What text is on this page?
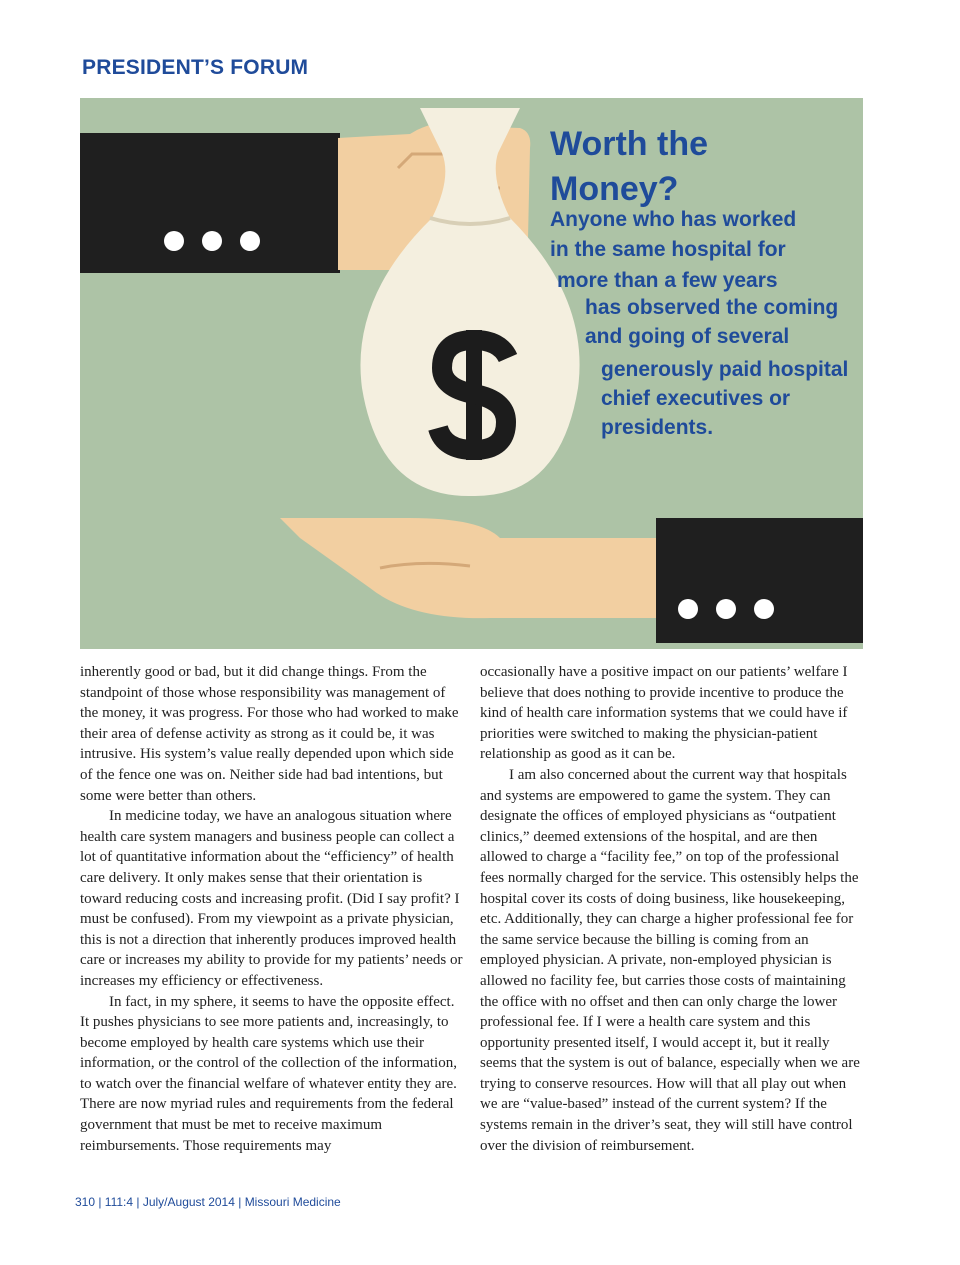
PRESIDENT’S FORUM
Worth the
Money?
Anyone who has worked
in the same hospital for
more than a few years
has observed the coming
and going of several
generously paid hospital
chief executives or
presidents.

inherently good or bad, but it did change things. From the standpoint of those whose responsibility was management of the money, it was progress. For those who had worked to make their area of defense activity as strong as it could be, it was intrusive. His system’s value really depended upon which side of the fence one was on. Neither side had bad intentions, but some were better than others.

In medicine today, we have an analogous situation where health care system managers and business people can collect a lot of quantitative information about the “efficiency” of health care delivery. It only makes sense that their orientation is toward reducing costs and increasing profit. (Did I say profit? I must be confused). From my viewpoint as a private physician, this is not a direction that inherently produces improved health care or increases my ability to provide for my patients’ needs or increases my efficiency or effectiveness.

In fact, in my sphere, it seems to have the opposite effect. It pushes physicians to see more patients and, increasingly, to become employed by health care systems which use their information, or the control of the collection of the information, to watch over the financial welfare of whatever entity they are. There are now myriad rules and requirements from the federal government that must be met to receive maximum reimbursements. Those requirements may

occasionally have a positive impact on our patients’ welfare I believe that does nothing to provide incentive to produce the kind of health care information systems that we could have if priorities were switched to making the physician-patient relationship as good as it can be.

I am also concerned about the current way that hospitals and systems are empowered to game the system. They can designate the offices of employed physicians as “outpatient clinics,” deemed extensions of the hospital, and are then allowed to charge a “facility fee,” on top of the professional fees normally charged for the service. This ostensibly helps the hospital cover its costs of doing business, like housekeeping, etc. Additionally, they can charge a higher professional fee for the same service because the billing is coming from an employed physician. A private, non-employed physician is allowed no facility fee, but carries those costs of maintaining the office with no offset and then can only charge the lower professional fee. If I were a health care system and this opportunity presented itself, I would accept it, but it really seems that the system is out of balance, especially when we are trying to conserve resources. How will that all play out when we are “value-based” instead of the current system? If the systems remain in the driver’s seat, they will still have control over the division of reimbursement.

310 | 111:4 | July/August 2014 | Missouri Medicine
